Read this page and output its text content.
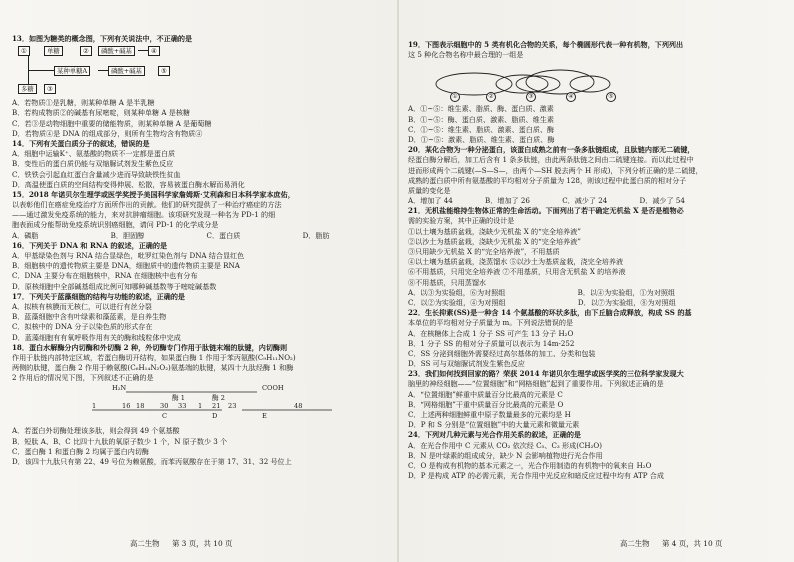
13．如图为糖类的概念图，下列有关说法中，不正确的是
①	单糖	②	磷酸+碱基	④
某种单糖A	磷酸+碱基	⑤
多糖	③
A．若物质①是乳糖，则某种单糖 A 是半乳糖
B．若构成物质②的碱基有尿嘧啶，则某种单糖 A 是核糖
C．若③是动物细胞中重要的储能物质，则某种单糖 A 是葡萄糖
D．若物质④是 DNA 的组成部分，则所有生物均含有物质④
14．下列有关蛋白质分子的叙述，错误的是
A．细胞中运输K⁺、氨基酸的物质不一定都是蛋白质
B．变性后的蛋白质仍能与双缩脲试剂发生紫色反应
C．铁铁会引起血红蛋白含量减少进而导致缺铁性贫血
D．高温使蛋白质的空间结构变得伸展、松散，容易被蛋白酶水解而易消化
15．2018 年诺贝尔生理学或医学奖授予美国科学家詹姆斯·艾利森和日本科学家本庶佑，
以表彰他们在癌症免疫治疗方面所作出的贡献。他们的研究提供了一种治疗癌症的方法
——通过激发免疫系统的能力，来对抗肿瘤细胞。该项研究发现一种名为 PD-1 的细
胞表面成分能帮助免疫系统识别癌细胞，请问 PD-1 的化学成分是
A．磷脂	B．胆固醇	C．蛋白质	D．脂肪
16．下列关于 DNA 和 RNA 的叙述，正确的是
A．甲基绿染色剂与 RNA 结合显绿色，吡罗红染色剂与 DNA 结合显红色
B．细胞核中的遗传物质主要是 DNA，细胞质中的遗传物质主要是 RNA
C．DNA 主要分布在细胞核中，RNA 在细胞核中也有分布
D．原核细胞中全部碱基组成比例可知哪种碱基数等于嘧啶碱基数
17．下列关于蓝藻细胞的结构与功能的叙述，正确的是
A．拟核有核膜而无核仁，可以进行有丝分裂
B．蓝藻细胞中含有叶绿素和藻蓝素，是自养生物
C．拟核中的 DNA 分子以染色质的形式存在
D．蓝藻细胞有有氧呼吸作用有关的酶和线粒体中完成
18．蛋白水解酶分内切酶和外切酶 2 种，外切酶专门作用于肽链末端的肽键，内切酶则
作用于肽链内部特定区域，若蛋白酶切开结构，如果蛋白酶 1 作用于苯丙氨酸(C₉H₁₁NO₂)
两侧的肽键，蛋白酶 2 作用于赖氨酸(C₆H₁₄N₂O₂)氨基端的肽键，某四十九肽经酶 1 和酶
2 作用后的情况见下图，下列叙述不正确的是
H₂N	COOH
酶 1	酶 2
1	16 18 30 33 1 21 23	48
C	D	E
A．若蛋白外切酶处理该多肽，则会得到 49 个氨基酸
B．短肽 A、B、C 比四十九肽的氧原子数少 1 个，N 原子数少 3 个
C．蛋白酶 1 和蛋白酶 2 均属于蛋白内切酶
D．该四十九肽只有第 22、49 号位为赖氨酸，而苯丙氨酸存在于第 17、31、32 号位上
高二生物 第 3 页，共 10 页
19．下图表示细胞中的 5 类有机化合物的关系，每个椭圆形代表一种有机物，下列列出
这 5 种化合物名称中最合理的一组是
①	②	③	④	⑤
A．①~⑤：维生素、脂质、酶、蛋白质、激素
B．①~⑤：酶、蛋白质、激素、脂质、维生素
C．①~⑤：维生素、脂质、激素、蛋白质、酶
D．①~⑤：激素、脂质、维生素、蛋白质、酶
20．某化合物为一种分泌蛋白，该蛋白成熟之前有一条多肽链组成，且肽链内部无二硫键，
经蛋白酶分解后，加工后含有 1 条多肽链，由此两条肽链之间由二硫键连接。而以此过程中
进而形成两个二硫键(—S—S—，由两个—SH 脱去两个 H 形成)，下列分析正确的是二硫键，
成熟的蛋白质中所有氨基酸的平均相对分子质量为 128，则该过程中此蛋白质的相对分子
质量的变化是
A．增加了 44	B．增加了 26	C．减少了 24	D．减少了 54
21．无机盐能维持生物体正常的生命活动。下面列出了若干确定无机盐 X 是否是植物必
需的实验方案，其中正确的设计是
①以土壤为基质盆栽，浇缺少无机盐 X 的“完全培养液”
②以沙土为基质盆栽，浇缺少无机盐 X 的“完全培养液”
③只用缺少无机盐 X 的“完全培养液”，不用基质
④以土壤为基质盆栽，浇蒸馏水 ⑤以沙土为基质盆栽，浇完全培养液
⑥不用基质，只用完全培养液 ⑦不用基质，只用含无机盐 X 的培养液
⑧不用基质，只用蒸馏水
A．以③为实验组，⑥为对照组	B．以④为实验组，①为对照组
C．以②为实验组，④为对照组	D．以⑦为实验组，⑧为对照组
22．生长抑素(SS)是一种含 14 个氨基酸的环状多肽，由下丘脑合成释放，构成 SS 的基
本单位的平均相对分子质量为 m。下列说法错误的是
A．在核糖体上合成 1 分子 SS 可产生 13 分子 H₂O
B．1 分子 SS 的相对分子质量可以表示为 14m-252
C．SS 分泌到细胞外需要经过高尔基体的加工、分类和包装
D．SS 可与双缩脲试剂发生紫色反应
23．我们如何找到回家的路？荣获 2014 年诺贝尔生理学或医学奖的三位科学家发现大
脑里的神经细胞——“位置细胞”和“网格细胞”起到了重要作用。下列叙述正确的是
A．“位置细胞”鲜重中质量百分比最高的元素是 C
B．“网格细胞”干重中质量百分比最高的元素是 O
C．上述两种细胞鲜重中原子数量最多的元素均是 H
D．P 和 S 分别是“位置细胞”中的大量元素和微量元素
24．下列对几种元素与光合作用关系的叙述，正确的是
A．在光合作用中 C 元素从 CO₂ 依次经 C₅、C₃ 形成(CH₂O)
B．N 是叶绿素的组成成分，缺少 N 会影响植物进行光合作用
C．O 是构成有机物的基本元素之一，光合作用制造的有机物中的氧来自 H₂O
D．P 是构成 ATP 的必需元素，光合作用中光反应和暗反应过程中均有 ATP 合成
高二生物 第 4 页，共 10 页
